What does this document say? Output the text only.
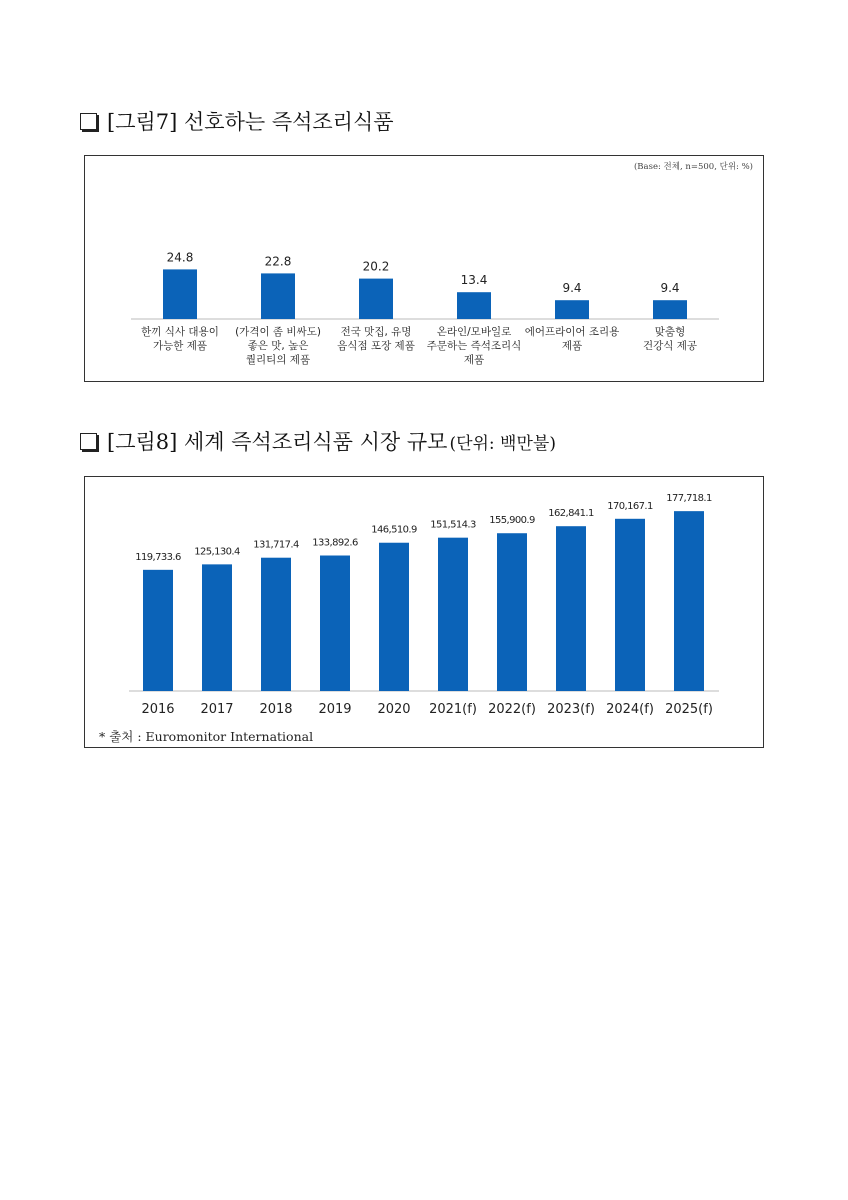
[그림7] 선호하는 즉석조리식품
(Base: 전체, n=500, 단위: %)
24.8
한끼 식사 대용이
가능한 제품
22.8
(가격이 좀 비싸도)
좋은 맛, 높은
퀄리티의 제품
20.2
전국 맛집, 유명
음식점 포장 제품
13.4
온라인/모바일로
주문하는 즉석조리식
제품
9.4
에어프라이어 조리용
제품
9.4
맞춤형
건강식 제공
[그림8] 세계 즉석조리식품 시장 규모 (단위: 백만불)
119,733.6
2016
125,130.4
2017
131,717.4
2018
133,892.6
2019
146,510.9
2020
151,514.3
2021(f)
155,900.9
2022(f)
162,841.1
2023(f)
170,167.1
2024(f)
177,718.1
2025(f)
* 출처 : Euromonitor International
